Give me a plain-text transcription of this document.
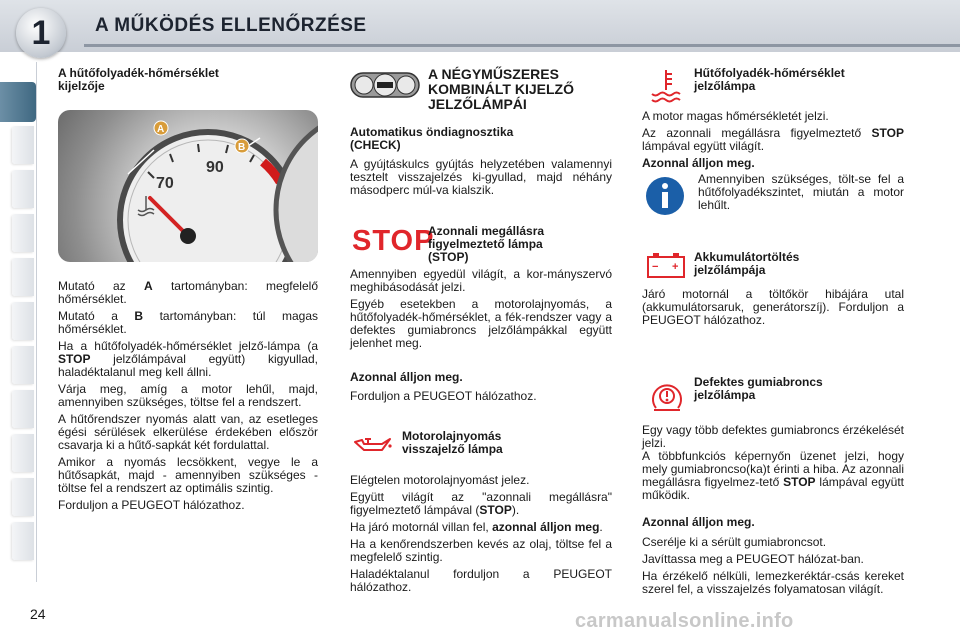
1	A MŰKÖDÉS ELLENŐRZÉSE
A hűtőfolyadék-hőmérséklet
kijelzője
70
90
A
B
Mutató az A tartományban: megfelelő hőmérséklet.
Mutató a B tartományban: túl magas hőmérséklet.
Ha a hűtőfolyadék-hőmérséklet jelző-lámpa (a STOP jelzőlámpával együtt) kigyullad, haladéktalanul meg kell állni.
Várja meg, amíg a motor lehűl, majd, amennyiben szükséges, töltse fel a rendszert.
A hűtőrendszer nyomás alatt van, az esetleges égési sérülések elkerülése érdekében először csavarja ki a hűtő-sapkát két fordulattal.
Amikor a nyomás lecsökkent, vegye le a hűtősapkát, majd - amennyiben szükséges - töltse fel a rendszert az optimális szintig.
Forduljon a PEUGEOT hálózathoz.
A NÉGYMŰSZERES
KOMBINÁLT KIJELZŐ
JELZŐLÁMPÁI
Automatikus öndiagnosztika
(CHECK)
A gyújtáskulcs gyújtás helyzetében valamennyi tesztelt visszajelzés ki-gyullad, majd néhány másodperc múl-va kialszik.
STOP
Azonnali megállásra
figyelmeztető lámpa
(STOP)
Amennyiben egyedül világít, a kor-mányszervó meghibásodását jelzi.
Egyéb esetekben a motorolajnyomás, a hűtőfolyadék-hőmérséklet, a fék-rendszer vagy a defektes gumiabroncs jelzőlámpákkal együtt jelenhet meg.
Azonnal álljon meg.
Forduljon a PEUGEOT hálózathoz.
Motorolajnyomás
visszajelző lámpa
Elégtelen motorolajnyomást jelez.
Együtt világít az "azonnali megállásra" figyelmeztető lámpával (STOP).
Ha járó motornál villan fel, azonnal álljon meg.
Ha a kenőrendszerben kevés az olaj, töltse fel a megfelelő szintig.
Haladéktalanul forduljon a PEUGEOT hálózathoz.
Hűtőfolyadék-hőmérséklet
jelzőlámpa
A motor magas hőmérsékletét jelzi.
Az azonnali megállásra figyelmeztető STOP lámpával együtt világít.
Azonnal álljon meg.
Amennyiben szükséges, tölt-se fel a hűtőfolyadékszintet, miután a motor lehűlt.
− +
Akkumulátortöltés
jelzőlámpája
Járó motornál a töltőkör hibájára utal (akkumulátorsaruk, generátorszíj). Forduljon a PEUGEOT hálózathoz.
Defektes gumiabroncs
jelzőlámpa
Egy vagy több defektes gumiabroncs érzékelését jelzi.
A többfunkciós képernyőn üzenet jelzi, hogy mely gumiabroncso(ka)t érinti a hiba. Az azonnali megállásra figyelmez-tető STOP lámpával együtt működik.
Azonnal álljon meg.
Cserélje ki a sérült gumiabroncsot.
Javíttassa meg a PEUGEOT hálózat-ban.
Ha érzékelő nélküli, lemezkeréktár-csás kereket szerel fel, a visszajelzés folyamatosan világít.
24	carmanualsonline.info
